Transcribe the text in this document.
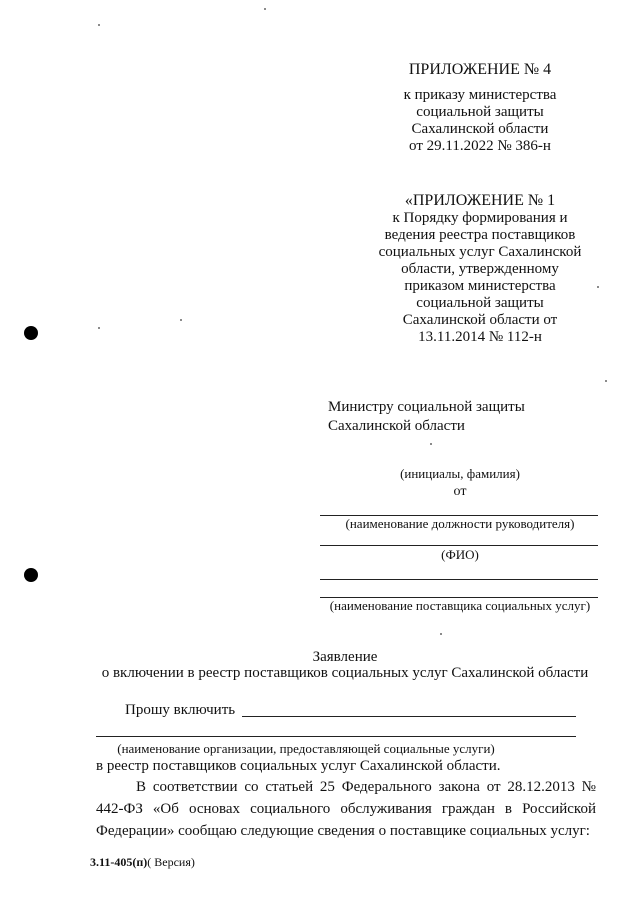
ПРИЛОЖЕНИЕ № 4
к приказу министерства
социальной защиты
Сахалинской области
от 29.11.2022 № 386-н
«ПРИЛОЖЕНИЕ № 1
к Порядку формирования и
ведения реестра поставщиков
социальных услуг Сахалинской
области, утвержденному
приказом министерства
социальной защиты
Сахалинской области от
13.11.2014 № 112-н
Министру социальной защиты
Сахалинской области
(инициалы, фамилия)
от
(наименование должности руководителя)
(ФИО)
(наименование поставщика социальных услуг)
Заявление
о включении в реестр поставщиков социальных услуг Сахалинской области
Прошу включить
(наименование организации, предоставляющей социальные услуги)
в реестр поставщиков социальных услуг Сахалинской области.
В соответствии со статьей 25 Федерального закона от 28.12.2013 № 442-ФЗ «Об основах социального обслуживания граждан в Российской Федерации» сообщаю следующие сведения о поставщике социальных услуг:
3.11-405(п)( Версия)
